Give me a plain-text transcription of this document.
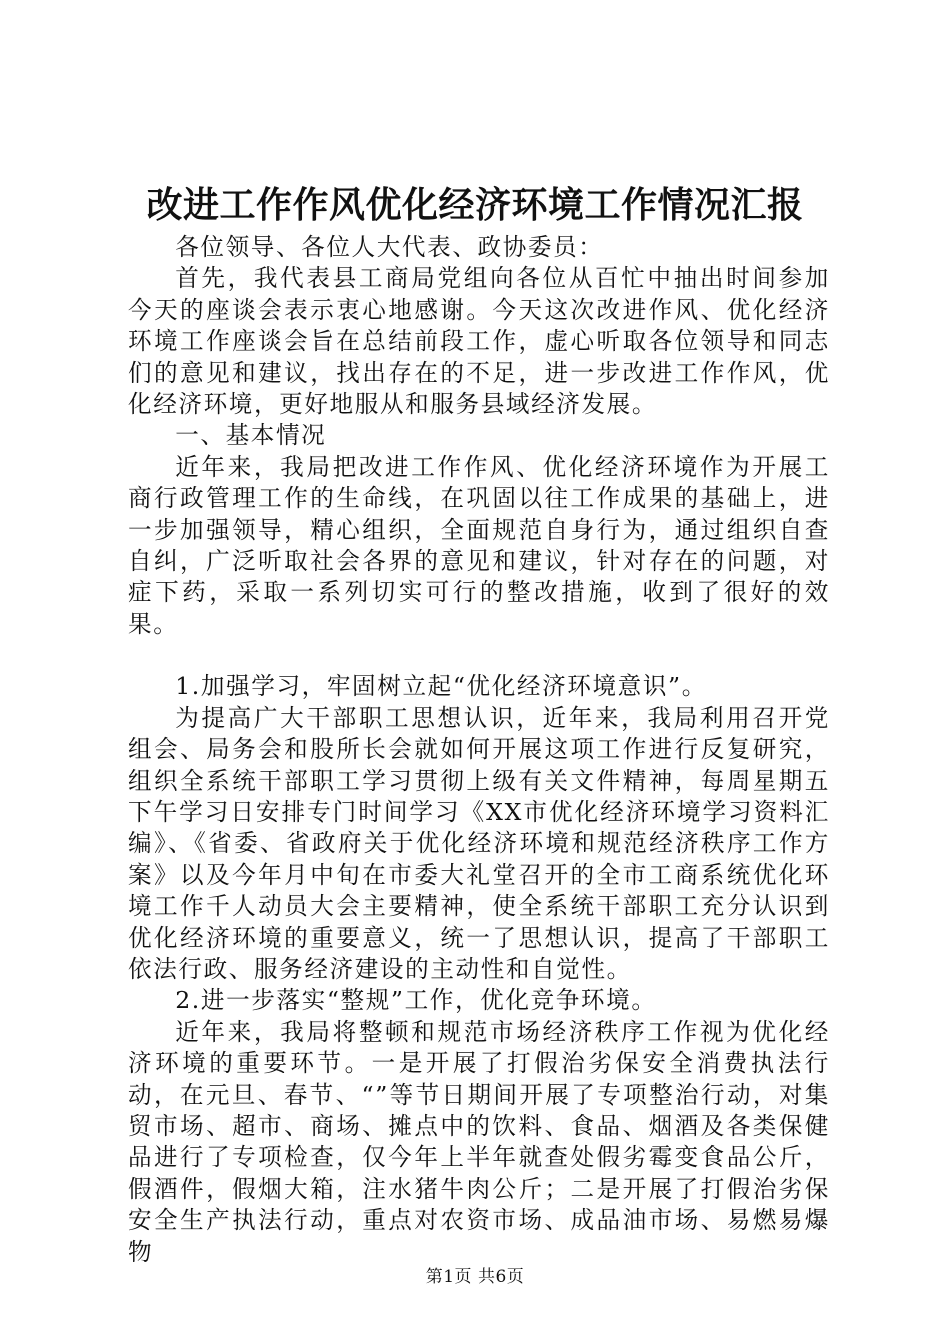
改进工作作风优化经济环境工作情况汇报

各位领导、各位人大代表、政协委员：

首先，我代表县工商局党组向各位从百忙中抽出时间参加今天的座谈会表示衷心地感谢。今天这次改进作风、优化经济环境工作座谈会旨在总结前段工作，虚心听取各位领导和同志们的意见和建议，找出存在的不足，进一步改进工作作风，优化经济环境，更好地服从和服务县域经济发展。

一、基本情况

近年来，我局把改进工作作风、优化经济环境作为开展工商行政管理工作的生命线，在巩固以往工作成果的基础上，进一步加强领导，精心组织，全面规范自身行为，通过组织自查自纠，广泛听取社会各界的意见和建议，针对存在的问题，对症下药，采取一系列切实可行的整改措施，收到了很好的效果。

1.加强学习，牢固树立起“优化经济环境意识”。

为提高广大干部职工思想认识，近年来，我局利用召开党组会、局务会和股所长会就如何开展这项工作进行反复研究，组织全系统干部职工学习贯彻上级有关文件精神，每周星期五下午学习日安排专门时间学习《XX市优化经济环境学习资料汇编》、《省委、省政府关于优化经济环境和规范经济秩序工作方案》以及今年月中旬在市委大礼堂召开的全市工商系统优化环境工作千人动员大会主要精神，使全系统干部职工充分认识到优化经济环境的重要意义，统一了思想认识，提高了干部职工依法行政、服务经济建设的主动性和自觉性。

2.进一步落实“整规”工作，优化竞争环境。

近年来，我局将整顿和规范市场经济秩序工作视为优化经济环境的重要环节。一是开展了打假治劣保安全消费执法行动，在元旦、春节、“”等节日期间开展了专项整治行动，对集贸市场、超市、商场、摊点中的饮料、食品、烟酒及各类保健品进行了专项检查，仅今年上半年就查处假劣霉变食品公斤，假酒件，假烟大箱，注水猪牛肉公斤；二是开展了打假治劣保安全生产执法行动，重点对农资市场、成品油市场、易燃易爆物

第1页 共6页
